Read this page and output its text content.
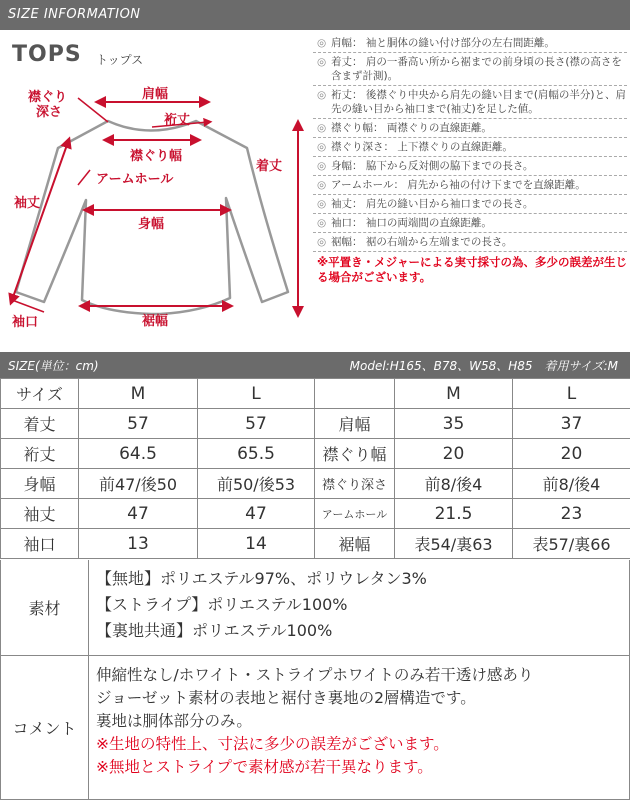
SIZE INFORMATION
TOPS トップス
襟ぐり
深さ
肩幅
裄丈
襟ぐり幅
着丈
アームホール
袖丈
身幅
袖口	裾幅
◎ 肩幅： 袖と胴体の縫い付け部分の左右間距離。
◎ 着丈： 肩の一番高い所から裾までの前身頃の長さ(襟の高さを含まず計測)。
◎ 裄丈： 後襟ぐり中央から肩先の縫い目まで(肩幅の半分)と、肩先の縫い目から袖口まで(袖丈)を足した値。
◎ 襟ぐり幅： 両襟ぐりの直線距離。
◎ 襟ぐり深さ： 上下襟ぐりの直線距離。
◎ 身幅： 脇下から反対側の脇下までの長さ。
◎ アームホール： 肩先から袖の付け下までを直線距離。
◎ 袖丈： 肩先の縫い目から袖口までの長さ。
◎ 袖口： 袖口の両端間の直線距離。
◎ 裾幅： 裾の右端から左端までの長さ。
※平置き・メジャーによる実寸採寸の為、多少の誤差が生じる場合がございます。
SIZE(単位：cm)	Model:H165、B78、W58、H85　着用サイズ:M
サイズ	M	L		M	L
着丈	57	57	肩幅	35	37
裄丈	64.5	65.5	襟ぐり幅	20	20
身幅	前47/後50	前50/後53	襟ぐり深さ	前8/後4	前8/後4
袖丈	47	47	アームホール	21.5	23
袖口	13	14	裾幅	表54/裏63	表57/裏66
素材
【無地】ポリエステル97%、ポリウレタン3%
【ストライプ】ポリエステル100%
【裏地共通】ポリエステル100%
コメント
伸縮性なし/ホワイト・ストライプホワイトのみ若干透け感あり
ジョーゼット素材の表地と裾付き裏地の2層構造です。
裏地は胴体部分のみ。
※生地の特性上、寸法に多少の誤差がございます。
※無地とストライプで素材感が若干異なります。
